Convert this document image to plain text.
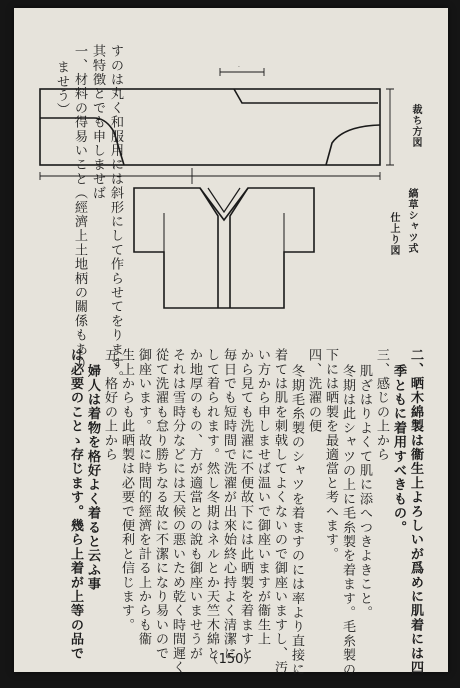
·
裁ち方図
縞草シャツ式
仕上り図
すのは丸く和服用には斜形にして作らせてをります。
其特徴とでも申しませば
一、材料の得易いこと（經濟上土地柄の關係もあり
ませう）
二、晒木綿製は衞生上よろしいが爲めに肌着には四
季ともに着用すべきもの。
三、感じの上から
肌ざはりよくて肌に添へつきよきこと。
冬期は此シャツの上に毛糸製を着ます。毛糸製の
下には晒製を最適當と考へます。
四、洗濯の便
冬期毛糸製のシャツを着ますのには率より直接に
着ては肌を刺戟してよくないので御座いますし、汚
い方から申しませば温いで御座いますが衞生上
から見ても洗濯に不便故下には此晒製を着ますと
毎日でも短時間で洗濯が出來始終心持よく清潔に
して着られます。然し冬期はネルとか天竺木綿と
か地厚のもの、方が適當との說も御座いませうが
それは雪時分などには天候の悪いため乾く時間遲く
從て洗濯も怠り勝ちなる故に不潔になり易いので
御座います。故に時間的經濟を計る上からも衞
生上からも此晒製は必要で便利と信じます。
五、格好の上から
婦人は着物を格好よく着ると云ふ事
は必要のことゝ存じます。幾ら上着が上等の品で	（150）
